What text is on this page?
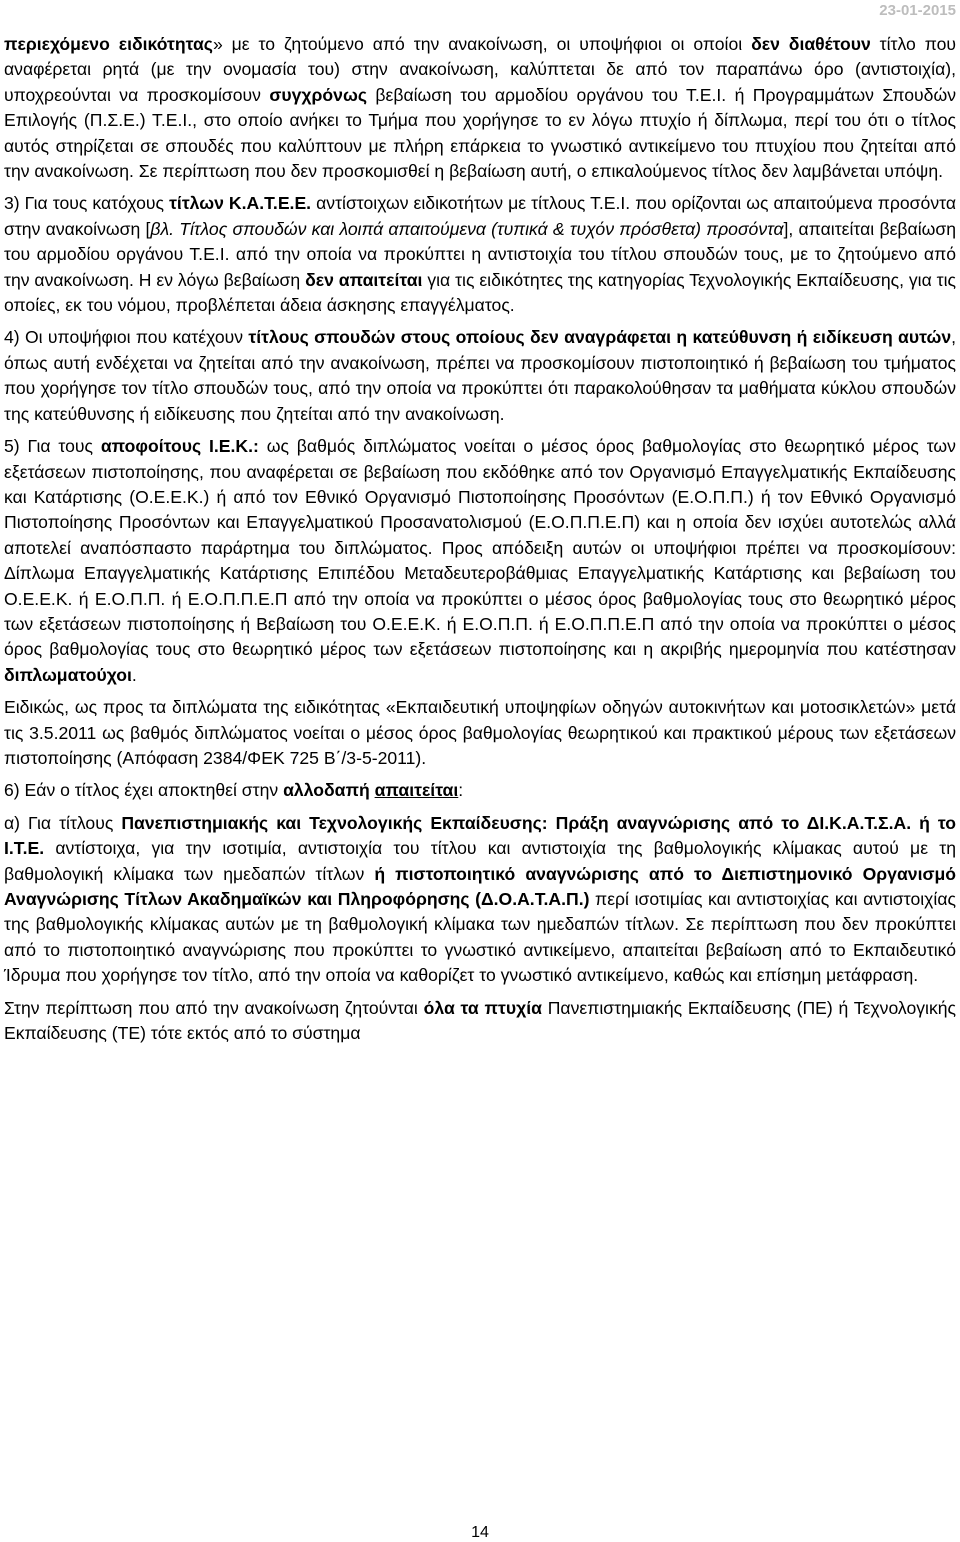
23-01-2015

περιεχόμενο ειδικότητας» με το ζητούμενο από την ανακοίνωση, οι υποψήφιοι οι οποίοι δεν διαθέτουν τίτλο που αναφέρεται ρητά (με την ονομασία του) στην ανακοίνωση, καλύπτεται δε από τον παραπάνω όρο (αντιστοιχία), υποχρεούνται να προσκομίσουν συγχρόνως βεβαίωση του αρμοδίου οργάνου του Τ.Ε.Ι. ή Προγραμμάτων Σπουδών Επιλογής (Π.Σ.Ε.) Τ.Ε.Ι., στο οποίο ανήκει το Τμήμα που χορήγησε το εν λόγω πτυχίο ή δίπλωμα, περί του ότι ο τίτλος αυτός στηρίζεται σε σπουδές που καλύπτουν με πλήρη επάρκεια το γνωστικό αντικείμενο του πτυχίου που ζητείται από την ανακοίνωση. Σε περίπτωση που δεν προσκομισθεί η βεβαίωση αυτή, ο επικαλούμενος τίτλος δεν λαμβάνεται υπόψη.

3) Για τους κατόχους τίτλων Κ.Α.Τ.Ε.Ε. αντίστοιχων ειδικοτήτων με τίτλους Τ.Ε.Ι. που ορίζονται ως απαιτούμενα προσόντα στην ανακοίνωση [βλ. Τίτλος σπουδών και λοιπά απαιτούμενα (τυπικά & τυχόν πρόσθετα) προσόντα], απαιτείται βεβαίωση του αρμοδίου οργάνου Τ.Ε.Ι. από την οποία να προκύπτει η αντιστοιχία του τίτλου σπουδών τους, με το ζητούμενο από την ανακοίνωση. Η εν λόγω βεβαίωση δεν απαιτείται για τις ειδικότητες της κατηγορίας Τεχνολογικής Εκπαίδευσης, για τις οποίες, εκ του νόμου, προβλέπεται άδεια άσκησης επαγγέλματος.

4) Οι υποψήφιοι που κατέχουν τίτλους σπουδών στους οποίους δεν αναγράφεται η κατεύθυνση ή ειδίκευση αυτών, όπως αυτή ενδέχεται να ζητείται από την ανακοίνωση, πρέπει να προσκομίσουν πιστοποιητικό ή βεβαίωση του τμήματος που χορήγησε τον τίτλο σπουδών τους, από την οποία να προκύπτει ότι παρακολούθησαν τα μαθήματα κύκλου σπουδών της κατεύθυνσης ή ειδίκευσης που ζητείται από την ανακοίνωση.

5) Για τους αποφοίτους Ι.Ε.Κ.: ως βαθμός διπλώματος νοείται ο μέσος όρος βαθμολογίας στο θεωρητικό μέρος των εξετάσεων πιστοποίησης, που αναφέρεται σε βεβαίωση που εκδόθηκε από τον Οργανισμό Επαγγελματικής Εκπαίδευσης και Κατάρτισης (Ο.Ε.Ε.Κ.) ή από τον Εθνικό Οργανισμό Πιστοποίησης Προσόντων (Ε.Ο.Π.Π.) ή τον Εθνικό Οργανισμό Πιστοποίησης Προσόντων και Επαγγελματικού Προσανατολισμού (Ε.Ο.Π.Π.Ε.Π) και η οποία δεν ισχύει αυτοτελώς αλλά αποτελεί αναπόσπαστο παράρτημα του διπλώματος. Προς απόδειξη αυτών οι υποψήφιοι πρέπει να προσκομίσουν: Δίπλωμα Επαγγελματικής Κατάρτισης Επιπέδου Μεταδευτεροβάθμιας Επαγγελματικής Κατάρτισης και βεβαίωση του Ο.Ε.Ε.Κ. ή Ε.Ο.Π.Π. ή Ε.Ο.Π.Π.Ε.Π από την οποία να προκύπτει ο μέσος όρος βαθμολογίας τους στο θεωρητικό μέρος των εξετάσεων πιστοποίησης ή Βεβαίωση του Ο.Ε.Ε.Κ. ή Ε.Ο.Π.Π. ή Ε.Ο.Π.Π.Ε.Π από την οποία να προκύπτει ο μέσος όρος βαθμολογίας τους στο θεωρητικό μέρος των εξετάσεων πιστοποίησης και η ακριβής ημερομηνία που κατέστησαν διπλωματούχοι.

Ειδικώς, ως προς τα διπλώματα της ειδικότητας «Εκπαιδευτική υποψηφίων οδηγών αυτοκινήτων και μοτοσικλετών» μετά τις 3.5.2011 ως βαθμός διπλώματος νοείται ο μέσος όρος βαθμολογίας θεωρητικού και πρακτικού μέρους των εξετάσεων πιστοποίησης (Απόφαση 2384/ΦΕΚ 725 Β΄/3-5-2011).

6) Εάν ο τίτλος έχει αποκτηθεί στην αλλοδαπή απαιτείται:

α) Για τίτλους Πανεπιστημιακής και Τεχνολογικής Εκπαίδευσης: Πράξη αναγνώρισης από το ΔΙ.Κ.Α.Τ.Σ.Α. ή το Ι.Τ.Ε. αντίστοιχα, για την ισοτιμία, αντιστοιχία του τίτλου και αντιστοιχία της βαθμολογικής κλίμακας αυτού με τη βαθμολογική κλίμακα των ημεδαπών τίτλων ή πιστοποιητικό αναγνώρισης από το Διεπιστημονικό Οργανισμό Αναγνώρισης Τίτλων Ακαδημαϊκών και Πληροφόρησης (Δ.Ο.Α.Τ.Α.Π.) περί ισοτιμίας και αντιστοιχίας και αντιστοιχίας της βαθμολογικής κλίμακας αυτών με τη βαθμολογική κλίμακα των ημεδαπών τίτλων. Σε περίπτωση που δεν προκύπτει από το πιστοποιητικό αναγνώρισης που προκύπτει το γνωστικό αντικείμενο, απαιτείται βεβαίωση από το Εκπαιδευτικό Ίδρυμα που χορήγησε τον τίτλο, από την οποία να καθορίζετ το γνωστικό αντικείμενο, καθώς και επίσημη μετάφραση.

Στην περίπτωση που από την ανακοίνωση ζητούνται όλα τα πτυχία Πανεπιστημιακής Εκπαίδευσης (ΠΕ) ή Τεχνολογικής Εκπαίδευσης (ΤΕ) τότε εκτός από το σύστημα

14
